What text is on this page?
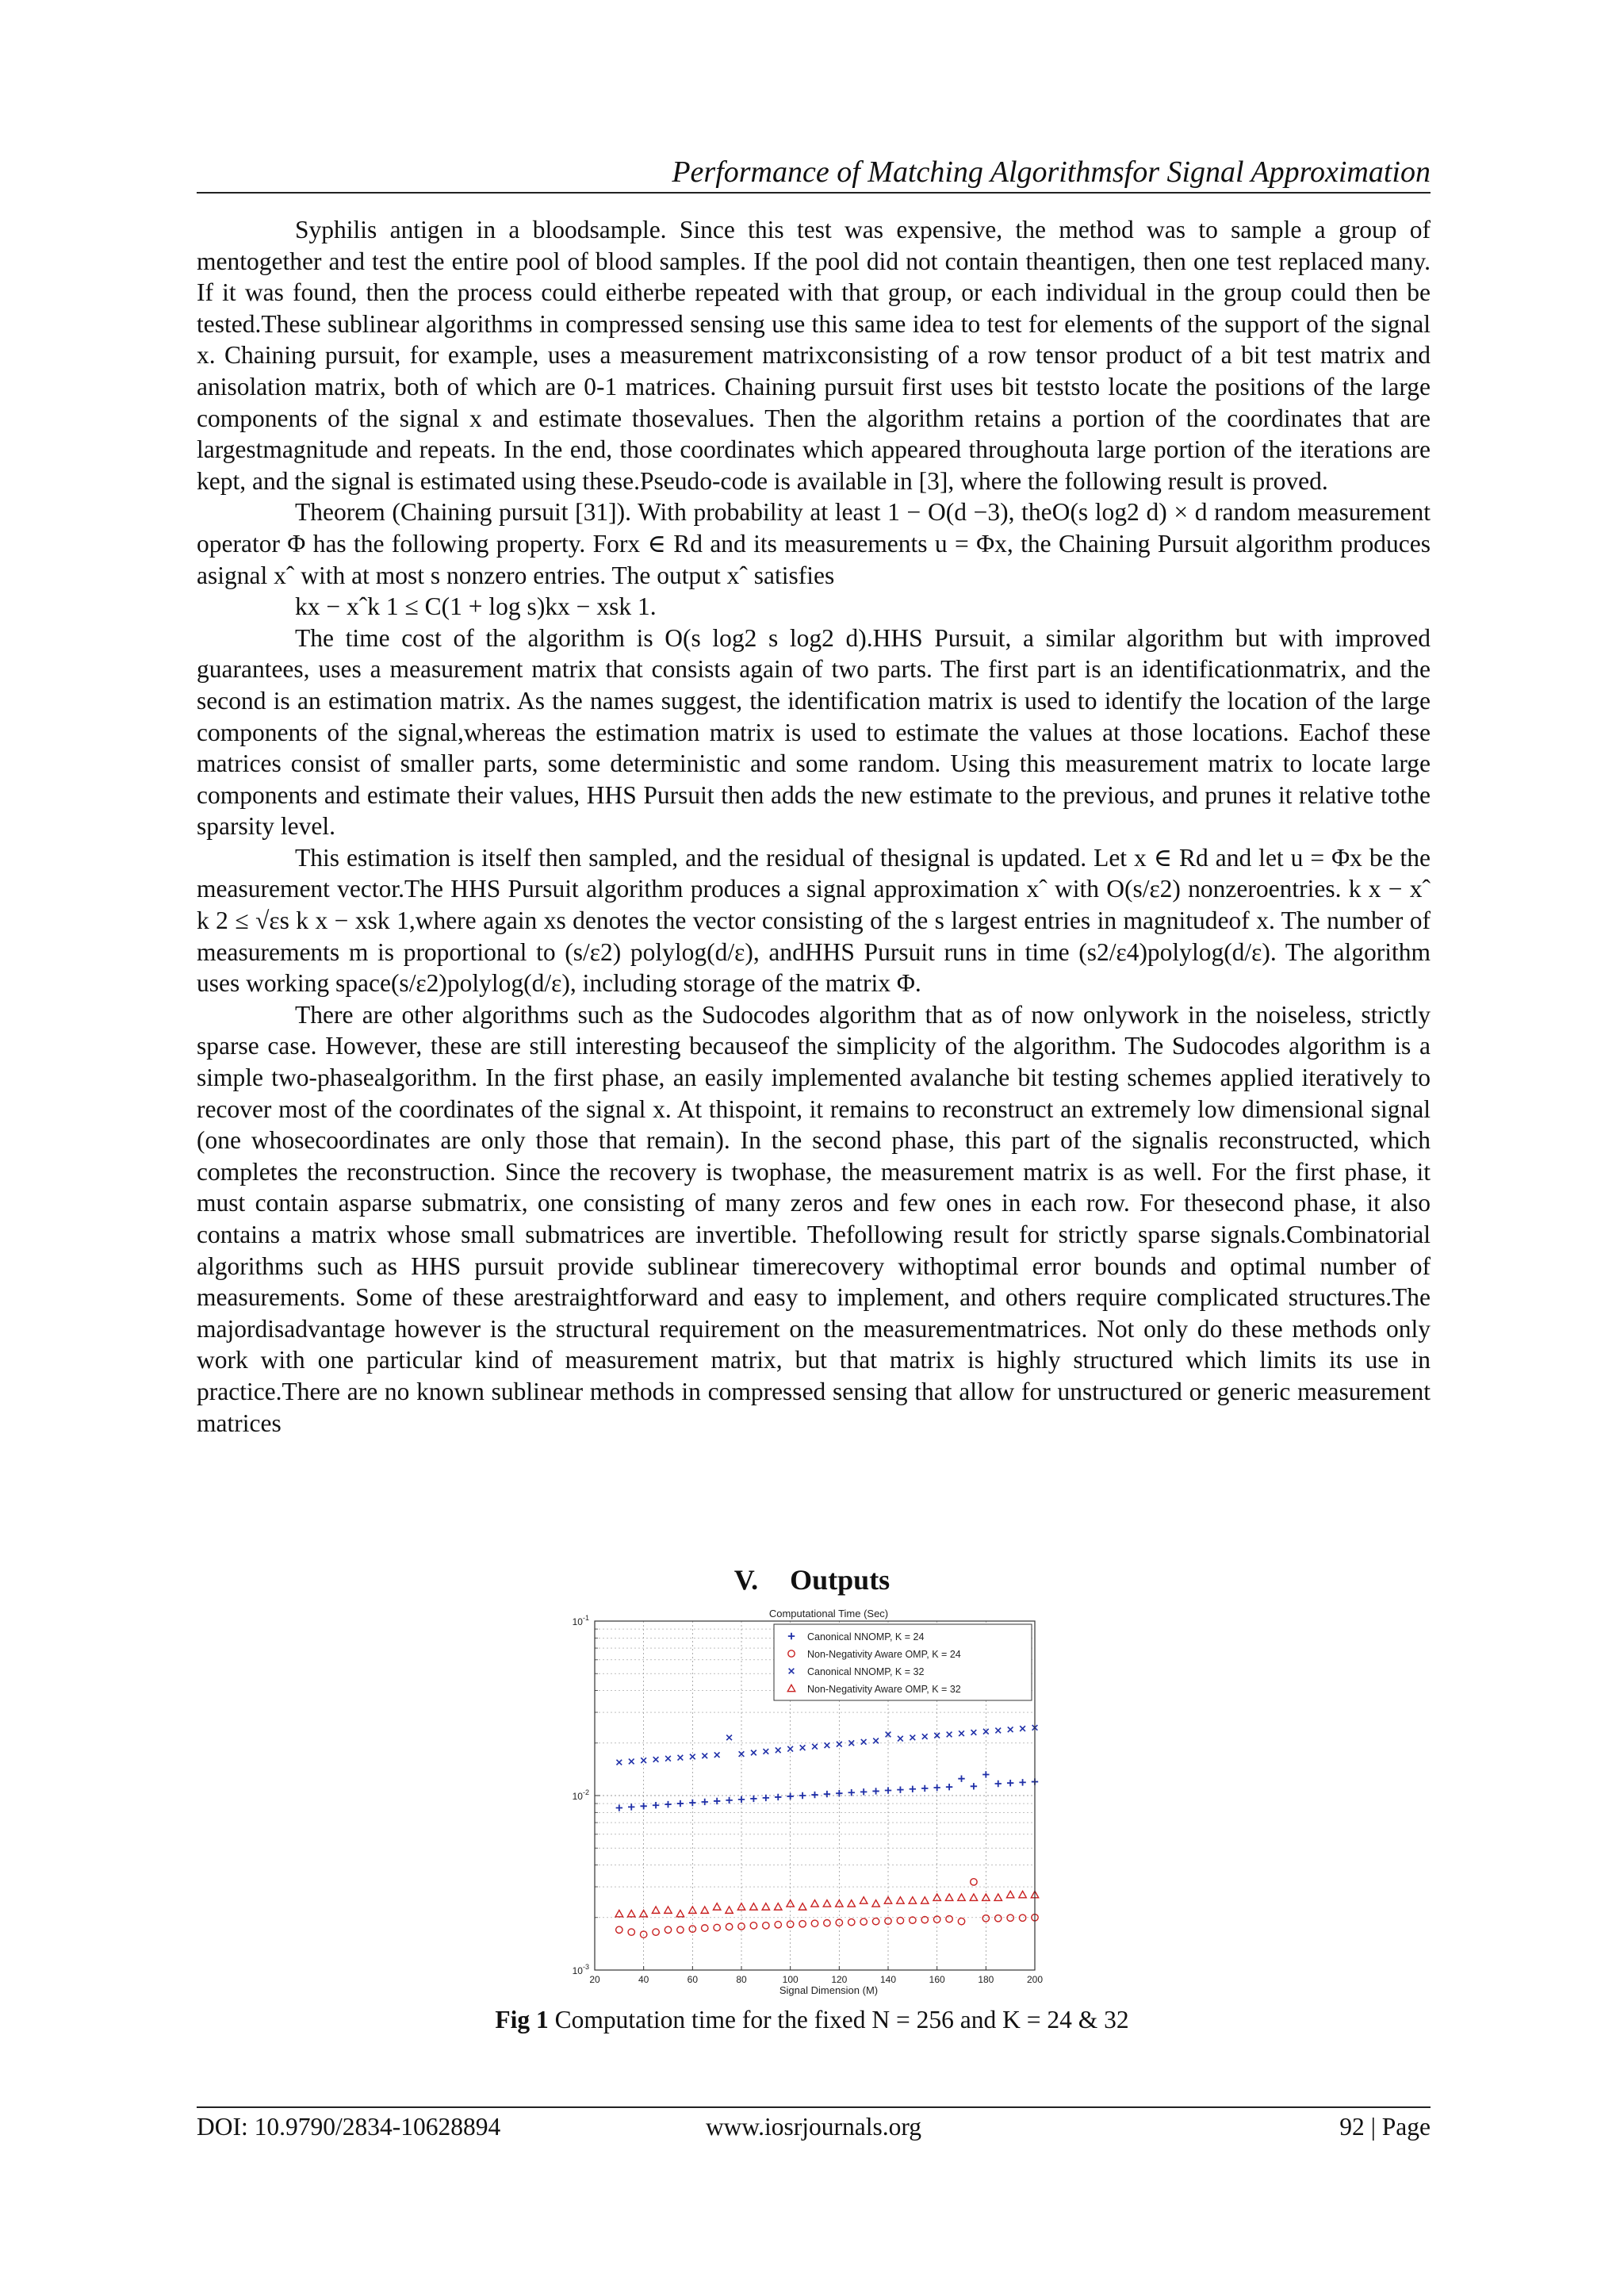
Performance of Matching Algorithmsfor Signal Approximation

Syphilis antigen in a bloodsample. Since this test was expensive, the method was to sample a group of mentogether and test the entire pool of blood samples. If the pool did not contain theantigen, then one test replaced many. If it was found, then the process could eitherbe repeated with that group, or each individual in the group could then be tested.These sublinear algorithms in compressed sensing use this same idea to test for elements of the support of the signal x. Chaining pursuit, for example, uses a measurement matrixconsisting of a row tensor product of a bit test matrix and anisolation matrix, both of which are 0-1 matrices. Chaining pursuit first uses bit teststo locate the positions of the large components of the signal x and estimate thosevalues. Then the algorithm retains a portion of the coordinates that are largestmagnitude and repeats. In the end, those coordinates which appeared throughouta large portion of the iterations are kept, and the signal is estimated using these.Pseudo-code is available in [3], where the following result is proved.

Theorem (Chaining pursuit [31]). With probability at least 1 − O(d −3), theO(s log2 d) × d random measurement operator Φ has the following property. Forx ∈ Rd and its measurements u = Φx, the Chaining Pursuit algorithm produces asignal xˆ with at most s nonzero entries. The output xˆ satisfies

kx − xˆk 1 ≤ C(1 + log s)kx − xsk 1.

The time cost of the algorithm is O(s log2 s log2 d).HHS Pursuit, a similar algorithm but with improved guarantees, uses a measurement matrix that consists again of two parts. The first part is an identificationmatrix, and the second is an estimation matrix. As the names suggest, the identification matrix is used to identify the location of the large components of the signal,whereas the estimation matrix is used to estimate the values at those locations. Eachof these matrices consist of smaller parts, some deterministic and some random. Using this measurement matrix to locate large components and estimate their values, HHS Pursuit then adds the new estimate to the previous, and prunes it relative tothe sparsity level.

This estimation is itself then sampled, and the residual of thesignal is updated. Let x ∈ Rd and let u = Φx be the measurement vector.The HHS Pursuit algorithm produces a signal approximation xˆ with O(s/ε2) nonzeroentries. k x − xˆ k 2 ≤ √εs k x − xsk 1,where again xs denotes the vector consisting of the s largest entries in magnitudeof x. The number of measurements m is proportional to (s/ε2) polylog(d/ε), andHHS Pursuit runs in time (s2/ε4)polylog(d/ε). The algorithm uses working space(s/ε2)polylog(d/ε), including storage of the matrix Φ.

There are other algorithms such as the Sudocodes algorithm that as of now onlywork in the noiseless, strictly sparse case. However, these are still interesting becauseof the simplicity of the algorithm. The Sudocodes algorithm is a simple two-phasealgorithm. In the first phase, an easily implemented avalanche bit testing schemes applied iteratively to recover most of the coordinates of the signal x. At thispoint, it remains to reconstruct an extremely low dimensional signal (one whosecoordinates are only those that remain). In the second phase, this part of the signalis reconstructed, which completes the reconstruction. Since the recovery is twophase, the measurement matrix is as well. For the first phase, it must contain asparse submatrix, one consisting of many zeros and few ones in each row. For thesecond phase, it also contains a matrix whose small submatrices are invertible. Thefollowing result for strictly sparse signals.Combinatorial algorithms such as HHS pursuit provide sublinear timerecovery withoptimal error bounds and optimal number of measurements. Some of these arestraightforward and easy to implement, and others require complicated structures.The majordisadvantage however is the structural requirement on the measurementmatrices. Not only do these methods only work with one particular kind of measurement matrix, but that matrix is highly structured which limits its use in practice.There are no known sublinear methods in compressed sensing that allow for unstructured or generic measurement matrices

V. Outputs
Computational Time (Sec)
Signal Dimension (M)
20	40	60	80	100	120	140	160	180	200
$10^{-3}$
$10^{-2}$
$10^{-1}$
Canonical NNOMP, K = 24
Non-Negativity Aware OMP, K = 24
Canonical NNOMP, K = 32
Non-Negativity Aware OMP, K = 32
Fig 1 Computation time for the fixed N = 256 and K = 24 & 32
DOI: 10.9790/2834-10628894	www.iosrjournals.org	92 | Page
